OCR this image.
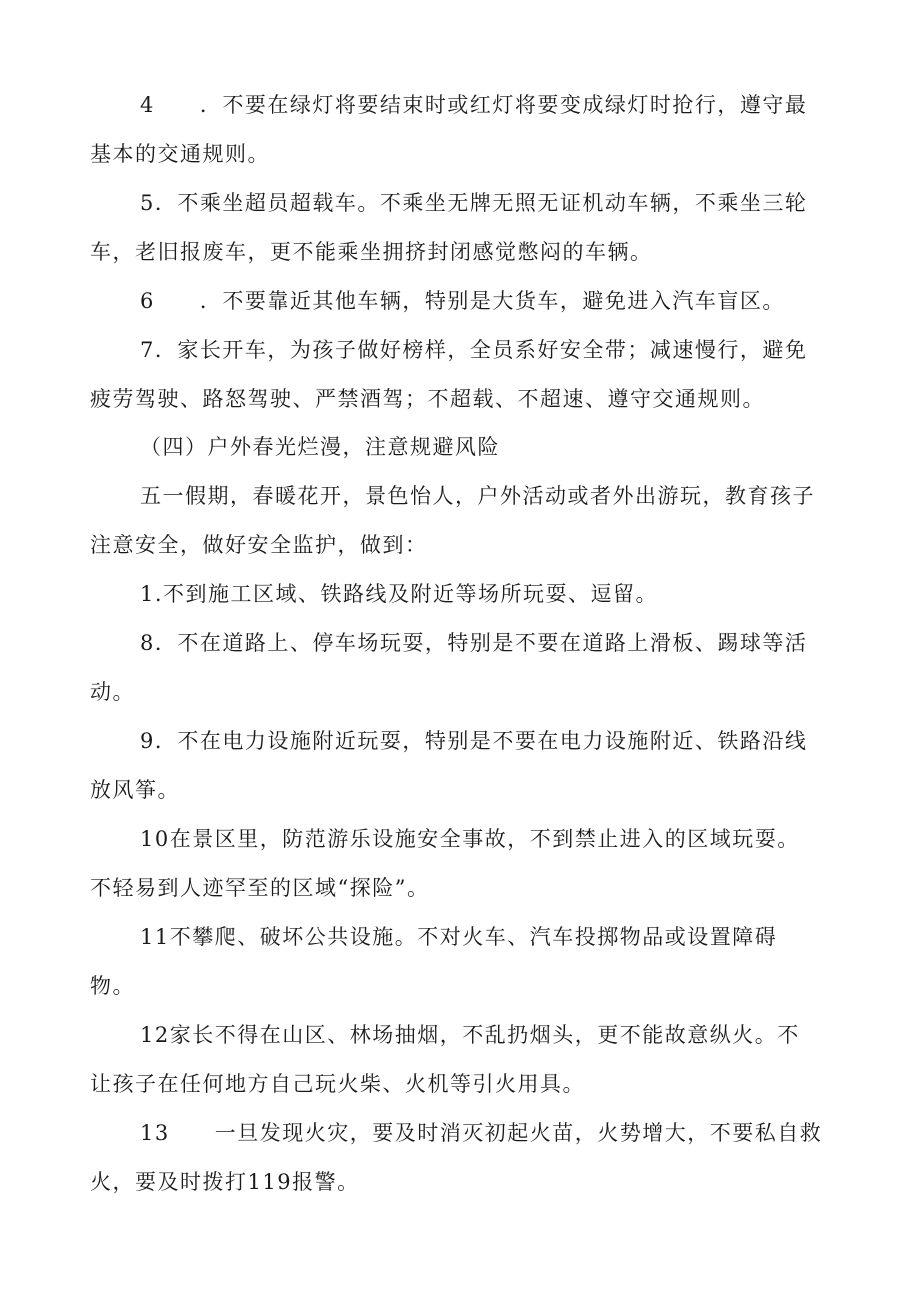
4　　．不要在绿灯将要结束时或红灯将要变成绿灯时抢行，遵守最
基本的交通规则。
5．不乘坐超员超载车。不乘坐无牌无照无证机动车辆，不乘坐三轮
车，老旧报废车，更不能乘坐拥挤封闭感觉憋闷的车辆。
6　　．不要靠近其他车辆，特别是大货车，避免进入汽车盲区。
7．家长开车，为孩子做好榜样，全员系好安全带；减速慢行，避免
疲劳驾驶、路怒驾驶、严禁酒驾；不超载、不超速、遵守交通规则。
（四）户外春光烂漫，注意规避风险
五一假期，春暖花开，景色怡人，户外活动或者外出游玩，教育孩子
注意安全，做好安全监护，做到：
1.不到施工区域、铁路线及附近等场所玩耍、逗留。
8．不在道路上、停车场玩耍，特别是不要在道路上滑板、踢球等活
动。
9．不在电力设施附近玩耍，特别是不要在电力设施附近、铁路沿线
放风筝。
10在景区里，防范游乐设施安全事故，不到禁止进入的区域玩耍。
不轻易到人迹罕至的区域“探险”。
11不攀爬、破坏公共设施。不对火车、汽车投掷物品或设置障碍
物。
12家长不得在山区、林场抽烟，不乱扔烟头，更不能故意纵火。不
让孩子在任何地方自己玩火柴、火机等引火用具。
13　　一旦发现火灾，要及时消灭初起火苗，火势增大，不要私自救
火，要及时拨打119报警。
